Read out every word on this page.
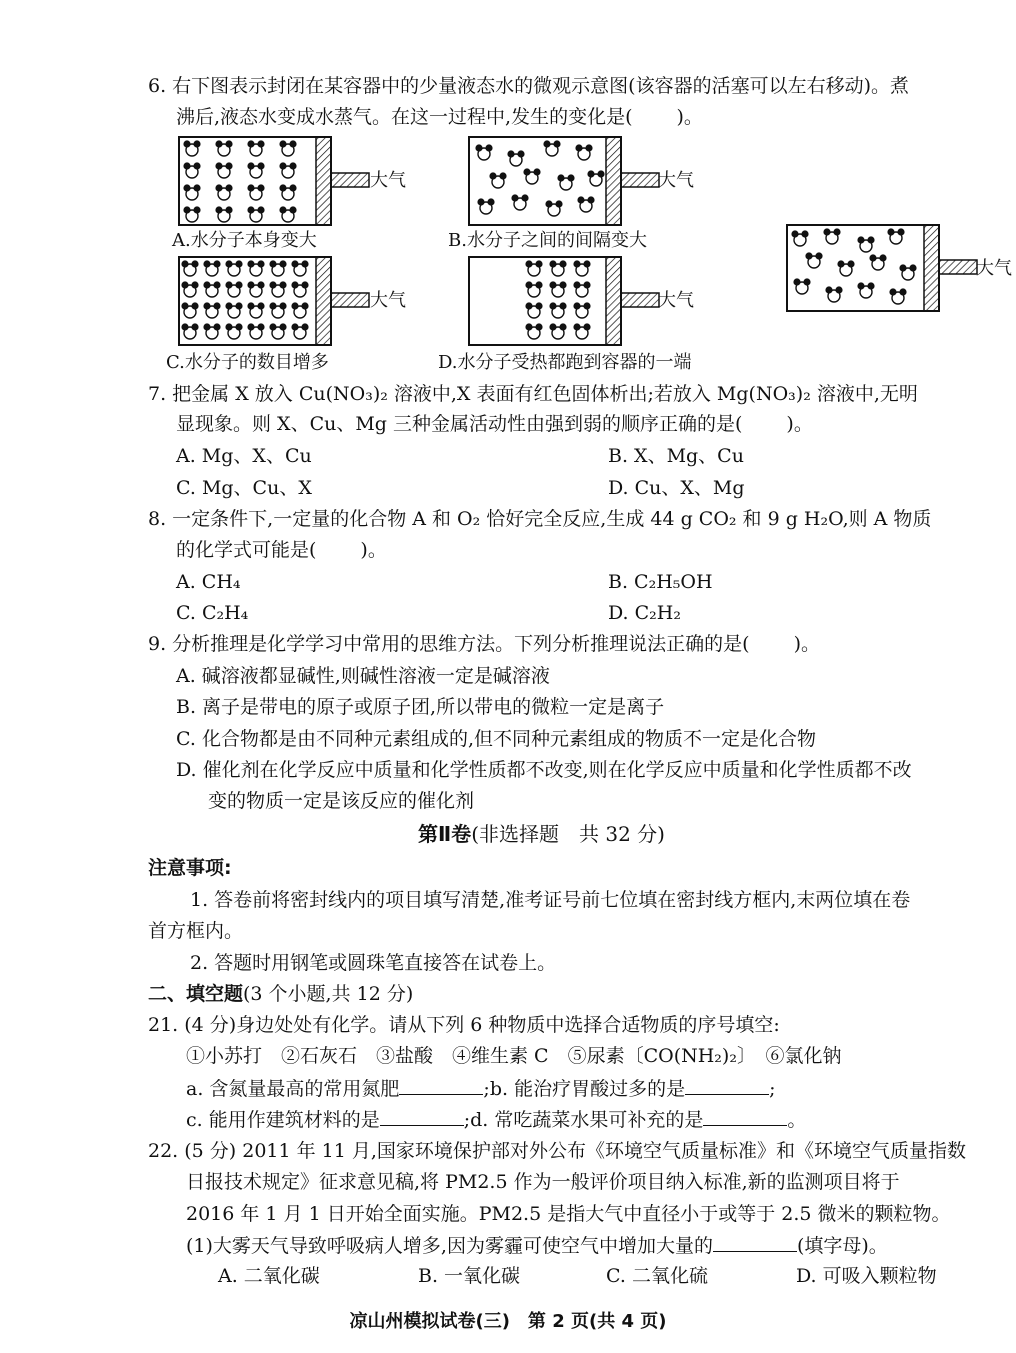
6. 右下图表示封闭在某容器中的少量液态水的微观示意图(该容器的活塞可以左右移动)。煮
沸后,液态水变成水蒸气。在这一过程中,发生的变化是( )。
大气
A.水分子本身变大
大气
B.水分子之间的间隔变大
大气
大气
C.水分子的数目增多
大气
D.水分子受热都跑到容器的一端
7. 把金属 X 放入 Cu(NO₃)₂ 溶液中,X 表面有红色固体析出;若放入 Mg(NO₃)₂ 溶液中,无明
显现象。则 X、Cu、Mg 三种金属活动性由强到弱的顺序正确的是( )。
A. Mg、X、Cu	B. X、Mg、Cu
C. Mg、Cu、X	D. Cu、X、Mg
8. 一定条件下,一定量的化合物 A 和 O₂ 恰好完全反应,生成 44 g CO₂ 和 9 g H₂O,则 A 物质
的化学式可能是( )。
A. CH₄	B. C₂H₅OH
C. C₂H₄	D. C₂H₂
9. 分析推理是化学学习中常用的思维方法。下列分析推理说法正确的是( )。
A. 碱溶液都显碱性,则碱性溶液一定是碱溶液
B. 离子是带电的原子或原子团,所以带电的微粒一定是离子
C. 化合物都是由不同种元素组成的,但不同种元素组成的物质不一定是化合物
D. 催化剂在化学反应中质量和化学性质都不改变,则在化学反应中质量和化学性质都不改
变的物质一定是该反应的催化剂
第Ⅱ卷(非选择题　共 32 分)
注意事项:
1. 答卷前将密封线内的项目填写清楚,准考证号前七位填在密封线方框内,末两位填在卷
首方框内。
2. 答题时用钢笔或圆珠笔直接答在试卷上。
二、填空题(3 个小题,共 12 分)
21. (4 分)身边处处有化学。请从下列 6 种物质中选择合适物质的序号填空:
①小苏打　②石灰石　③盐酸　④维生素 C　⑤尿素〔CO(NH₂)₂〕　⑥氯化钠
a. 含氮量最高的常用氮肥	;b. 能治疗胃酸过多的是	;
c. 能用作建筑材料的是	;d. 常吃蔬菜水果可补充的是	。
22. (5 分) 2011 年 11 月,国家环境保护部对外公布《环境空气质量标准》和《环境空气质量指数
日报技术规定》征求意见稿,将 PM2.5 作为一般评价项目纳入标准,新的监测项目将于
2016 年 1 月 1 日开始全面实施。PM2.5 是指大气中直径小于或等于 2.5 微米的颗粒物。
(1)大雾天气导致呼吸病人增多,因为雾霾可使空气中增加大量的	(填字母)。
A. 二氧化碳	B. 一氧化碳	C. 二氧化硫	D. 可吸入颗粒物
凉山州模拟试卷(三)　第 2 页(共 4 页)
